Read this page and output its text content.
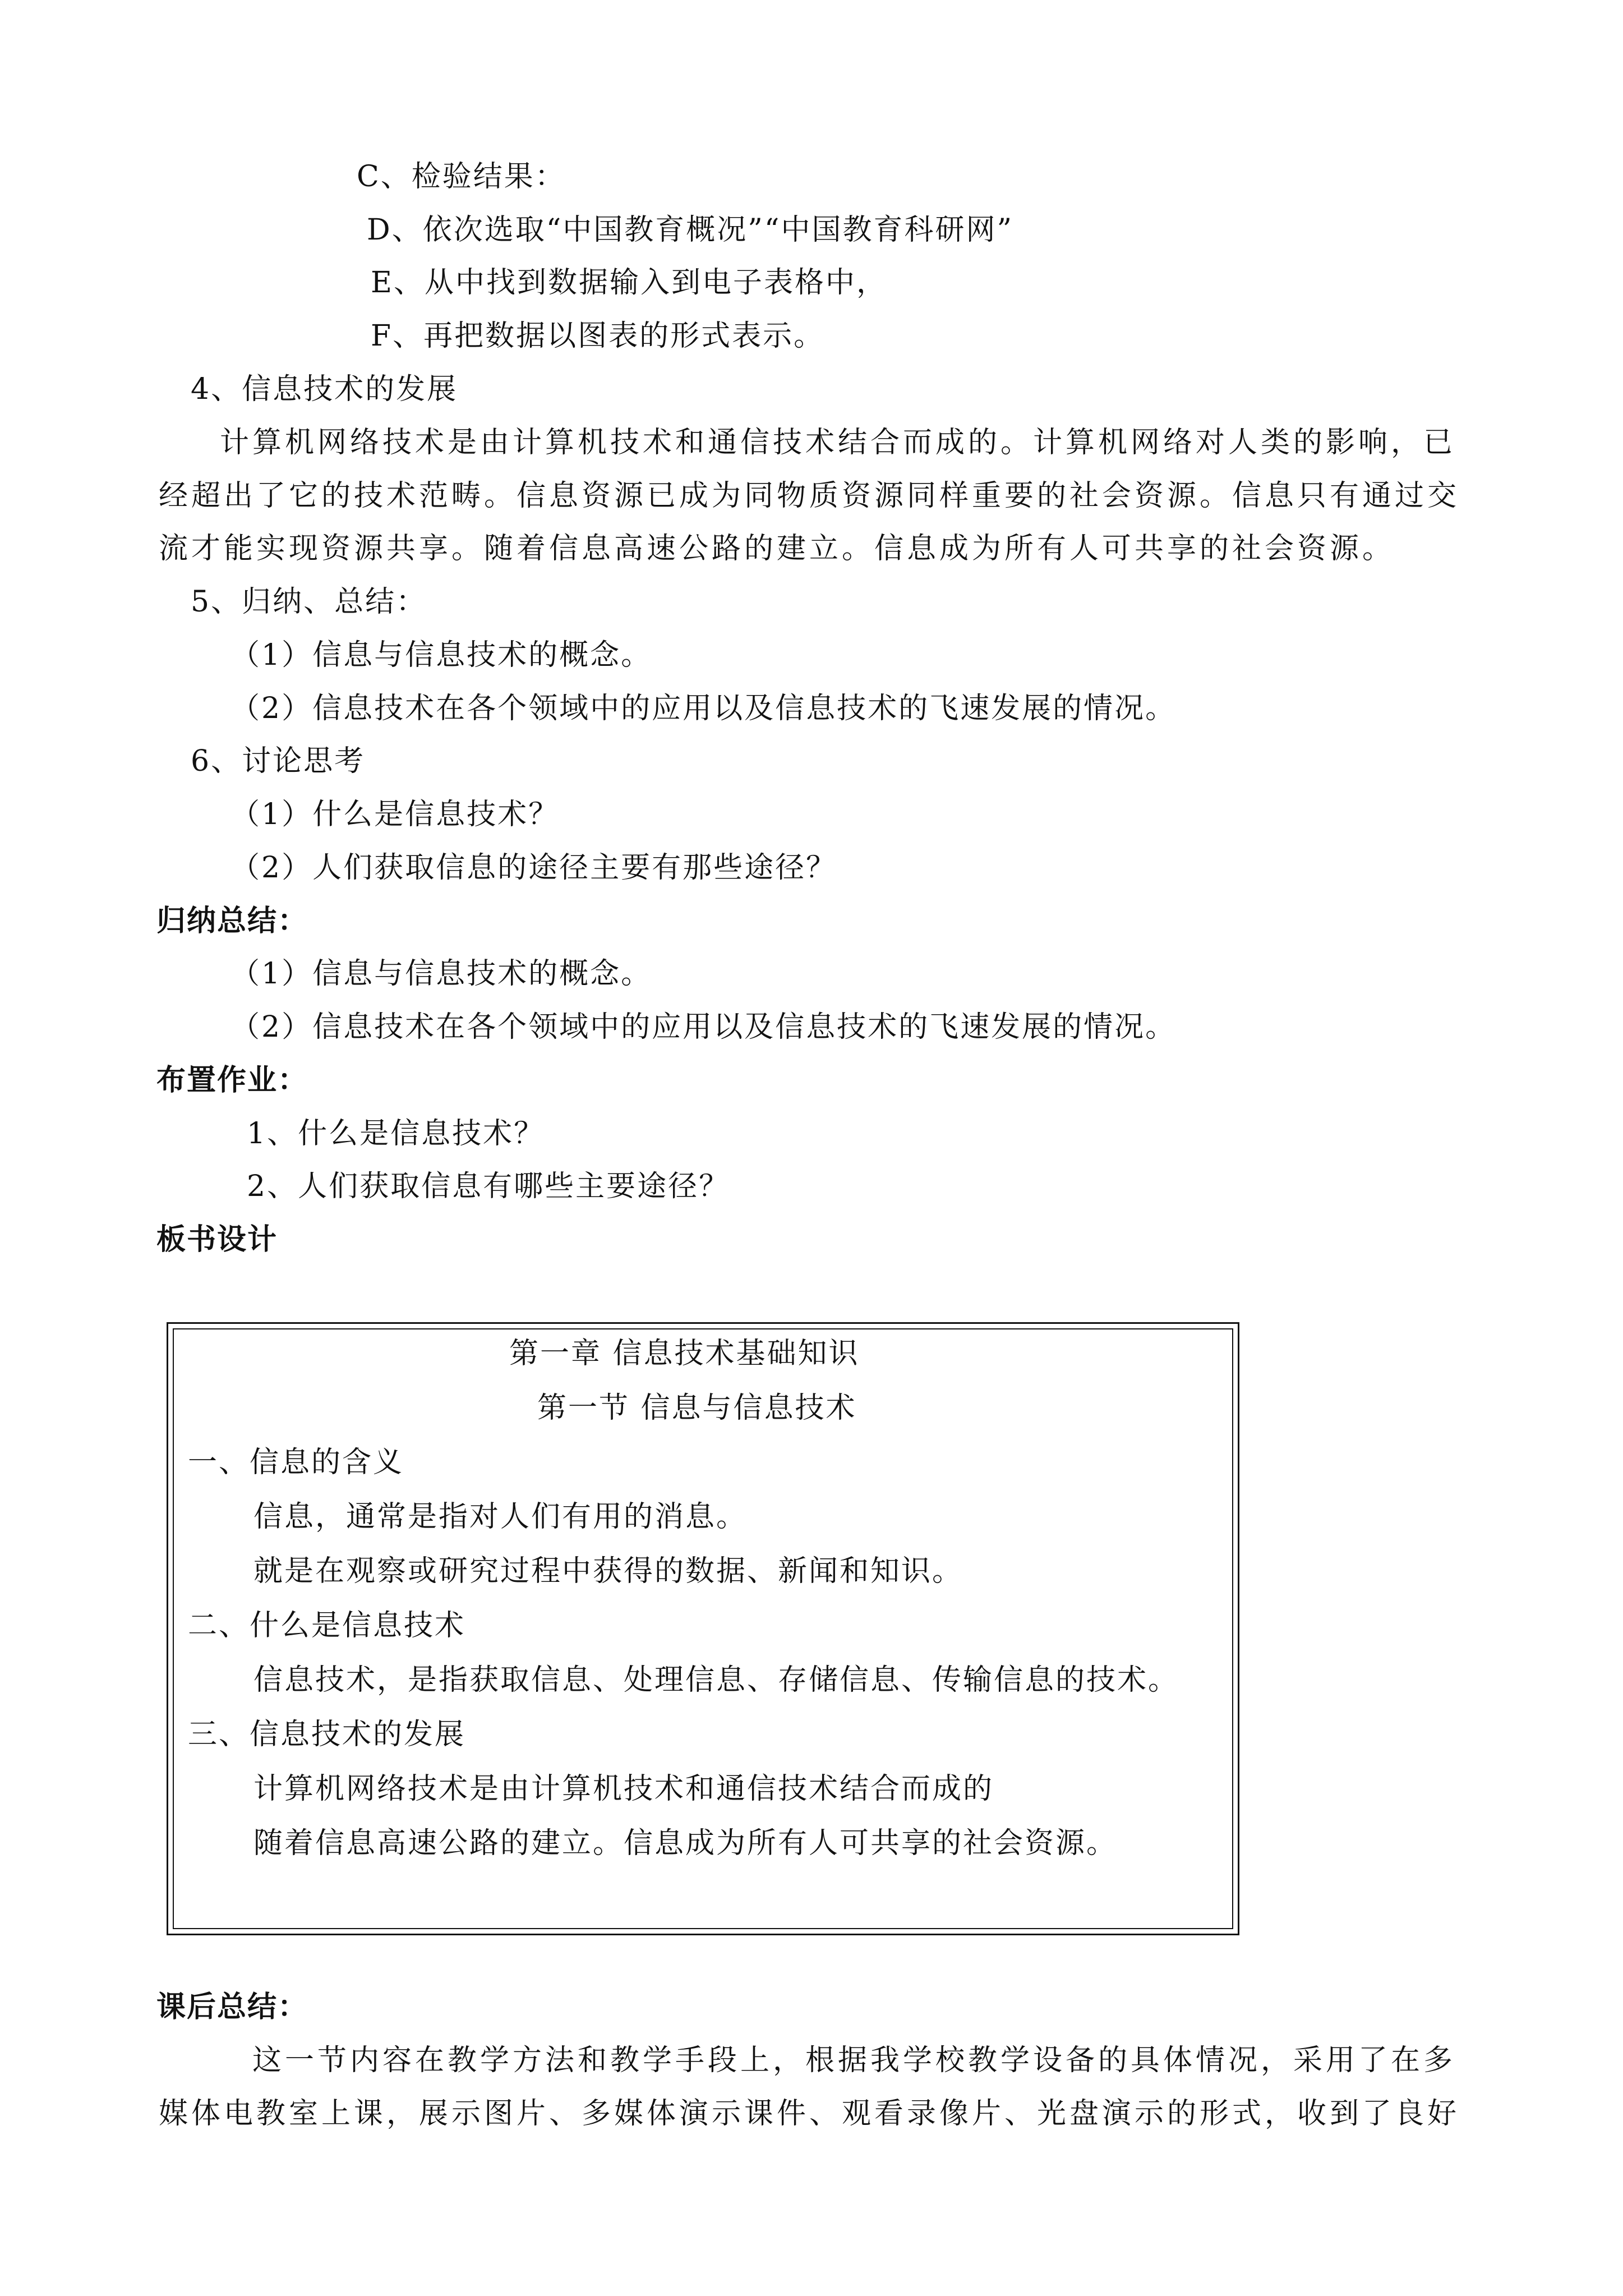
C、检验结果：
D、依次选取“中国教育概况”“中国教育科研网”
E、从中找到数据输入到电子表格中，
F、再把数据以图表的形式表示。
4、信息技术的发展
计算机网络技术是由计算机技术和通信技术结合而成的。计算机网络对人类的影响，已
经超出了它的技术范畴。信息资源已成为同物质资源同样重要的社会资源。信息只有通过交
流才能实现资源共享。随着信息高速公路的建立。信息成为所有人可共享的社会资源。
5、归纳、总结：
（1）信息与信息技术的概念。
（2）信息技术在各个领域中的应用以及信息技术的飞速发展的情况。
6、讨论思考
（1）什么是信息技术？
（2）人们获取信息的途径主要有那些途径？
归纳总结：
（1）信息与信息技术的概念。
（2）信息技术在各个领域中的应用以及信息技术的飞速发展的情况。
布置作业：
1、什么是信息技术？
2、人们获取信息有哪些主要途径？
板书设计
第一章 信息技术基础知识
第一节 信息与信息技术
一、信息的含义
信息，通常是指对人们有用的消息。
就是在观察或研究过程中获得的数据、新闻和知识。
二、什么是信息技术
信息技术，是指获取信息、处理信息、存储信息、传输信息的技术。
三、信息技术的发展
计算机网络技术是由计算机技术和通信技术结合而成的
随着信息高速公路的建立。信息成为所有人可共享的社会资源。
课后总结：
这一节内容在教学方法和教学手段上，根据我学校教学设备的具体情况，采用了在多
媒体电教室上课，展示图片、多媒体演示课件、观看录像片、光盘演示的形式，收到了良好
